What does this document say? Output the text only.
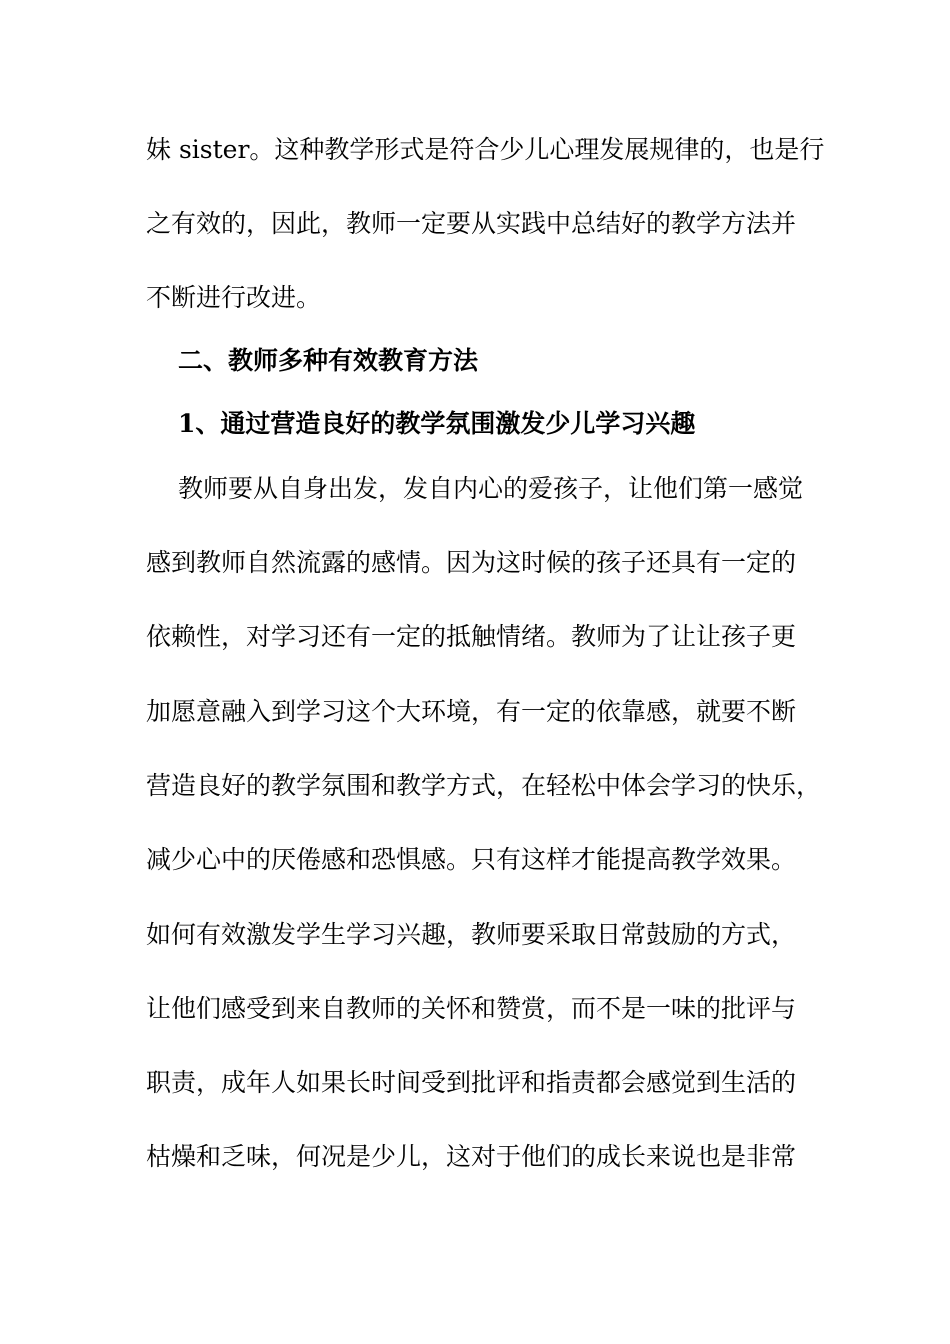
妹 sister。这种教学形式是符合少儿心理发展规律的，也是行
之有效的，因此，教师一定要从实践中总结好的教学方法并
不断进行改进。
二、教师多种有效教育方法
1、通过营造良好的教学氛围激发少儿学习兴趣
教师要从自身出发，发自内心的爱孩子，让他们第一感觉
感到教师自然流露的感情。因为这时候的孩子还具有一定的
依赖性，对学习还有一定的抵触情绪。教师为了让让孩子更
加愿意融入到学习这个大环境，有一定的依靠感，就要不断
营造良好的教学氛围和教学方式，在轻松中体会学习的快乐，
减少心中的厌倦感和恐惧感。只有这样才能提高教学效果。
如何有效激发学生学习兴趣，教师要采取日常鼓励的方式，
让他们感受到来自教师的关怀和赞赏，而不是一味的批评与
职责，成年人如果长时间受到批评和指责都会感觉到生活的
枯燥和乏味，何况是少儿，这对于他们的成长来说也是非常
